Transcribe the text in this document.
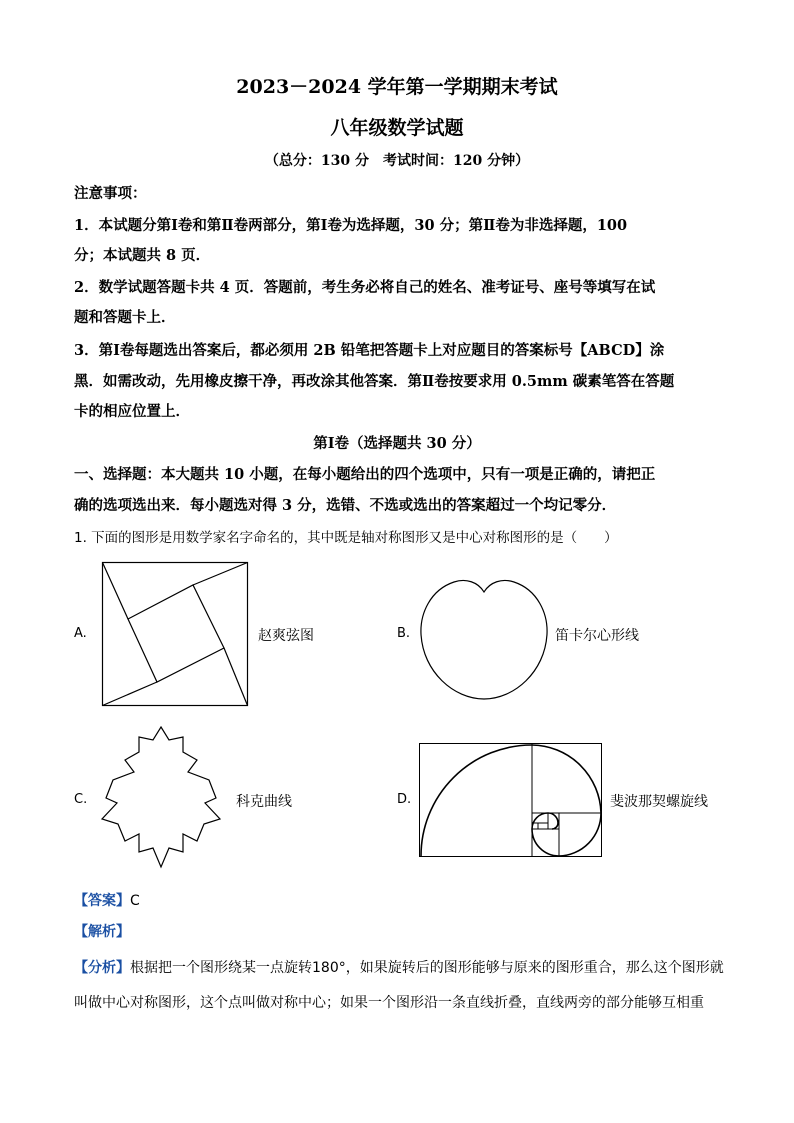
2023－2024 学年第一学期期末考试
八年级数学试题
（总分：130 分　考试时间：120 分钟）
注意事项：
1．本试题分第Ⅰ卷和第Ⅱ卷两部分，第Ⅰ卷为选择题，30 分；第Ⅱ卷为非选择题，100
分；本试题共 8 页．
2．数学试题答题卡共 4 页．答题前，考生务必将自己的姓名、准考证号、座号等填写在试
题和答题卡上．
3．第Ⅰ卷每题选出答案后，都必须用 2B 铅笔把答题卡上对应题目的答案标号【ABCD】涂
黑．如需改动，先用橡皮擦干净，再改涂其他答案．第Ⅱ卷按要求用 0.5mm 碳素笔答在答题
卡的相应位置上．
第Ⅰ卷（选择题共 30 分）
一、选择题：本大题共 10 小题，在每小题给出的四个选项中，只有一项是正确的，请把正
确的选项选出来．每小题选对得 3 分，选错、不选或选出的答案超过一个均记零分．
1. 下面的图形是用数学家名字命名的，其中既是轴对称图形又是中心对称图形的是（　　）
A.	赵爽弦图	B.	笛卡尔心形线
C.	科克曲线	D.	斐波那契螺旋线
【答案】C
【解析】
【分析】根据把一个图形绕某一点旋转180°，如果旋转后的图形能够与原来的图形重合，那么这个图形就
叫做中心对称图形，这个点叫做对称中心；如果一个图形沿一条直线折叠，直线两旁的部分能够互相重
